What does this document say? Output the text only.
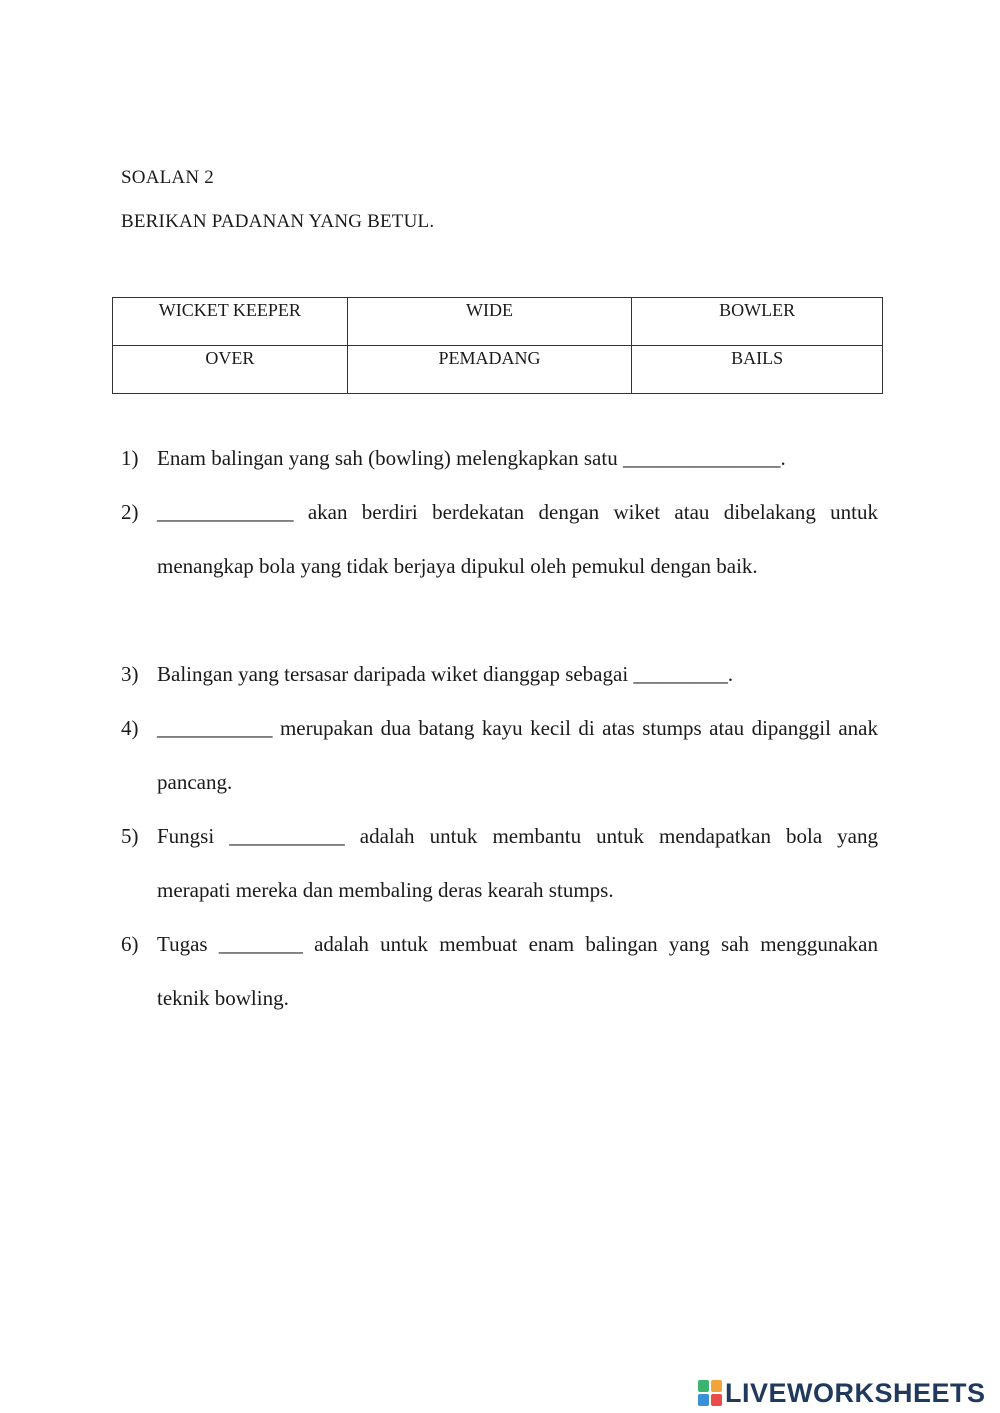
SOALAN 2
BERIKAN PADANAN YANG BETUL.
WICKET KEEPER	WIDE	BOWLER
OVER	PEMADANG	BAILS
1) Enam balingan yang sah (bowling) melengkapkan satu _______________.
2) _____________ akan berdiri berdekatan dengan wiket atau dibelakang untuk menangkap bola yang tidak berjaya dipukul oleh pemukul dengan baik.
3) Balingan yang tersasar daripada wiket dianggap sebagai _________.
4) ___________ merupakan dua batang kayu kecil di atas stumps atau dipanggil anak pancang.
5) Fungsi ___________ adalah untuk membantu untuk mendapatkan bola yang merapati mereka dan membaling deras kearah stumps.
6) Tugas ________ adalah untuk membuat enam balingan yang sah menggunakan teknik bowling.
LIVEWORKSHEETS
